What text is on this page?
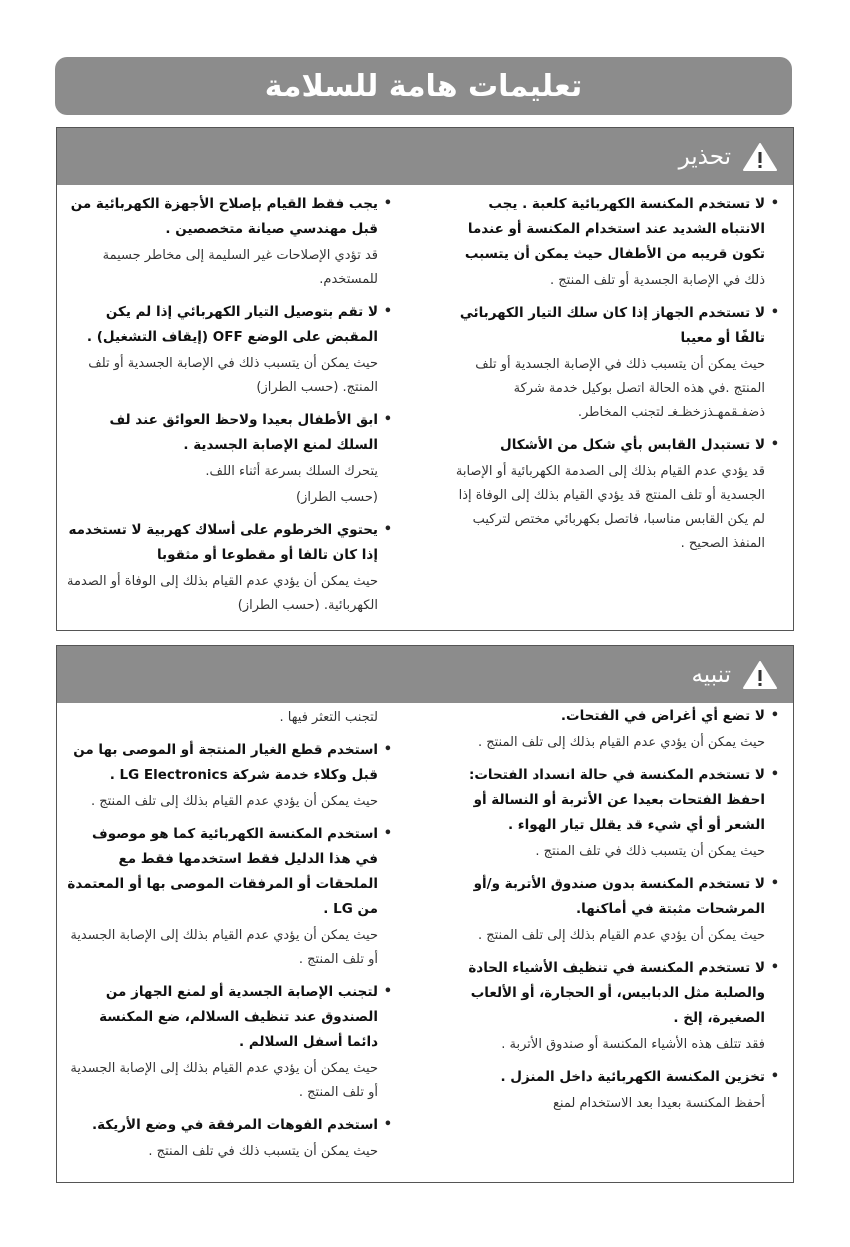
تعليمات هامة للسلامة
تحذير
• لا تستخدم المكنسة الكهربائية كلعبة . يجب الانتباه الشديد عند استخدام المكنسة أو عندما تكون قريبه من الأطفال حيث يمكن أن يتسبب
ذلك في الإصابة الجسدية أو تلف المنتج .
• لا تستخدم الجهاز إذا كان سلك التيار الكهربائي تالفًا أو معيبا
حيث يمكن أن يتسبب ذلك في الإصابة الجسدية أو تلف المنتج .في هذه الحالة اتصل بوكيل خدمة شركة ذضفـقمهـذزخظـغـ لتجنب المخاطر.
• لا تستبدل القابس بأي شكل من الأشكال
قد يؤدي عدم القيام بذلك إلى الصدمة الكهربائية أو الإصابة الجسدية أو تلف المنتج قد يؤدي القيام بذلك إلى الوفاة إذا لم يكن القابس مناسبا، فاتصل بكهربائي مختص لتركيب المنفذ الصحيح .
• يجب فقط القيام بإصلاح الأجهزة الكهربائية من قبل مهندسي صيانة متخصصين .
قد تؤدي الإصلاحات غير السليمة إلى مخاطر جسيمة للمستخدم.
• لا تقم بتوصيل التيار الكهربائي إذا لم يكن المقبض على الوضع OFF (إيقاف التشغيل) .
حيث يمكن أن يتسبب ذلك في الإصابة الجسدية أو تلف المنتج. (حسب الطراز)
• ابق الأطفال بعيدا ولاحظ العوائق عند لف السلك لمنع الإصابة الجسدية .
يتحرك السلك بسرعة أثناء اللف.
(حسب الطراز)
• يحتوي الخرطوم على أسلاك كهربية لا تستخدمه إذا كان تالفا أو مقطوعا أو مثقوبا
حيث يمكن أن يؤدي عدم القيام بذلك إلى الوفاة أو الصدمة الكهربائية. (حسب الطراز)
تنبيه
• لا تضع أي أغراض في الفتحات.
حيث يمكن أن يؤدي عدم القيام بذلك إلى تلف المنتج .
• لا تستخدم المكنسة في حالة انسداد الفتحات: احفظ الفتحات بعيدا عن الأتربة أو النسالة أو الشعر أو أي شيء قد يقلل تيار الهواء .
حيث يمكن أن يتسبب ذلك في تلف المنتج .
• لا تستخدم المكنسة بدون صندوق الأتربة و/أو المرشحات مثبتة في أماكنها.
حيث يمكن أن يؤدي عدم القيام بذلك إلى تلف المنتج .
• لا تستخدم المكنسة في تنظيف الأشياء الحادة والصلبة مثل الدبابيس، أو الحجارة، أو الألعاب الصغيرة، إلخ .
فقد تتلف هذه الأشياء المكنسة أو صندوق الأتربة .
• تخزين المكنسة الكهربائية داخل المنزل .
أحفظ المكنسة بعيدا بعد الاستخدام لمنع
لتجنب التعثر فيها .
• استخدم قطع الغيار المنتجة أو الموصى بها من قبل وكلاء خدمة شركة LG Electronics .
حيث يمكن أن يؤدي عدم القيام بذلك إلى تلف المنتج .
• استخدم المكنسة الكهربائية كما هو موصوف في هذا الدليل فقط استخدمها فقط مع الملحقات أو المرفقات الموصى بها أو المعتمدة من LG .
حيث يمكن أن يؤدي عدم القيام بذلك إلى الإصابة الجسدية أو تلف المنتج .
• لتجنب الإصابة الجسدية أو لمنع الجهاز من الصندوق عند تنظيف السلالم، ضع المكنسة دائما أسفل السلالم .
حيث يمكن أن يؤدي عدم القيام بذلك إلى الإصابة الجسدية أو تلف المنتج .
• استخدم الفوهات المرفقة في وضع الأريكة.
حيث يمكن أن يتسبب ذلك في تلف المنتج .
